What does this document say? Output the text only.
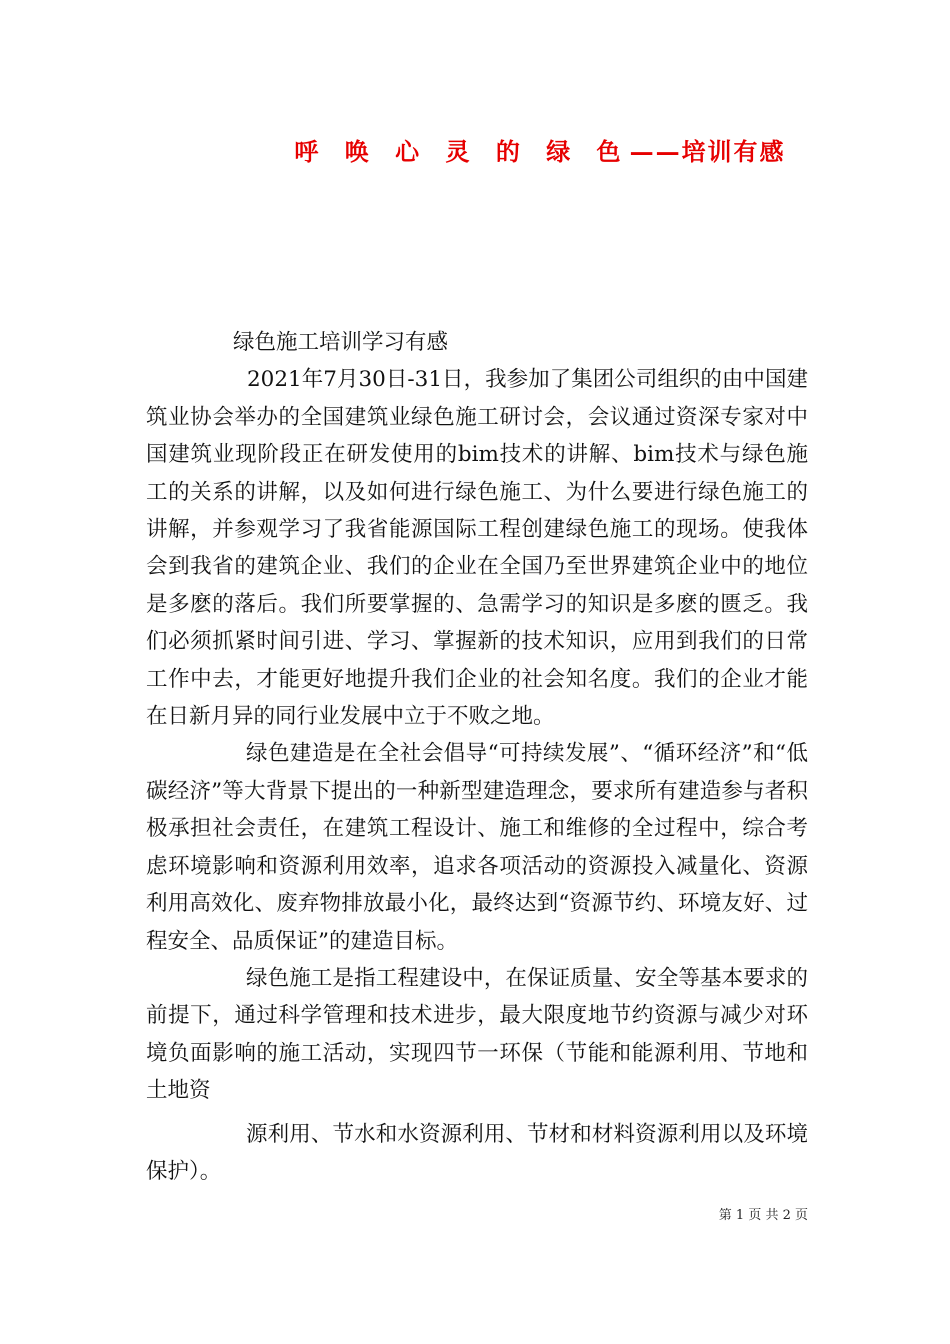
呼 唤 心 灵 的 绿 色——培训有感

绿色施工培训学习有感

2021年7月30日-31日，我参加了集团公司组织的由中国建筑业协会举办的全国建筑业绿色施工研讨会，会议通过资深专家对中国建筑业现阶段正在研发使用的bim技术的讲解、bim技术与绿色施工的关系的讲解，以及如何进行绿色施工、为什么要进行绿色施工的讲解，并参观学习了我省能源国际工程创建绿色施工的现场。使我体会到我省的建筑企业、我们的企业在全国乃至世界建筑企业中的地位是多麽的落后。我们所要掌握的、急需学习的知识是多麽的匮乏。我们必须抓紧时间引进、学习、掌握新的技术知识，应用到我们的日常工作中去，才能更好地提升我们企业的社会知名度。我们的企业才能在日新月异的同行业发展中立于不败之地。

绿色建造是在全社会倡导“可持续发展”、“循环经济”和“低碳经济”等大背景下提出的一种新型建造理念，要求所有建造参与者积极承担社会责任，在建筑工程设计、施工和维修的全过程中，综合考虑环境影响和资源利用效率，追求各项活动的资源投入减量化、资源利用高效化、废弃物排放最小化，最终达到“资源节约、环境友好、过程安全、品质保证”的建造目标。

绿色施工是指工程建设中，在保证质量、安全等基本要求的前提下，通过科学管理和技术进步，最大限度地节约资源与减少对环境负面影响的施工活动，实现四节一环保（节能和能源利用、节地和土地资

源利用、节水和水资源利用、节材和材料资源利用以及环境保护）。

第 1 页 共 2 页
